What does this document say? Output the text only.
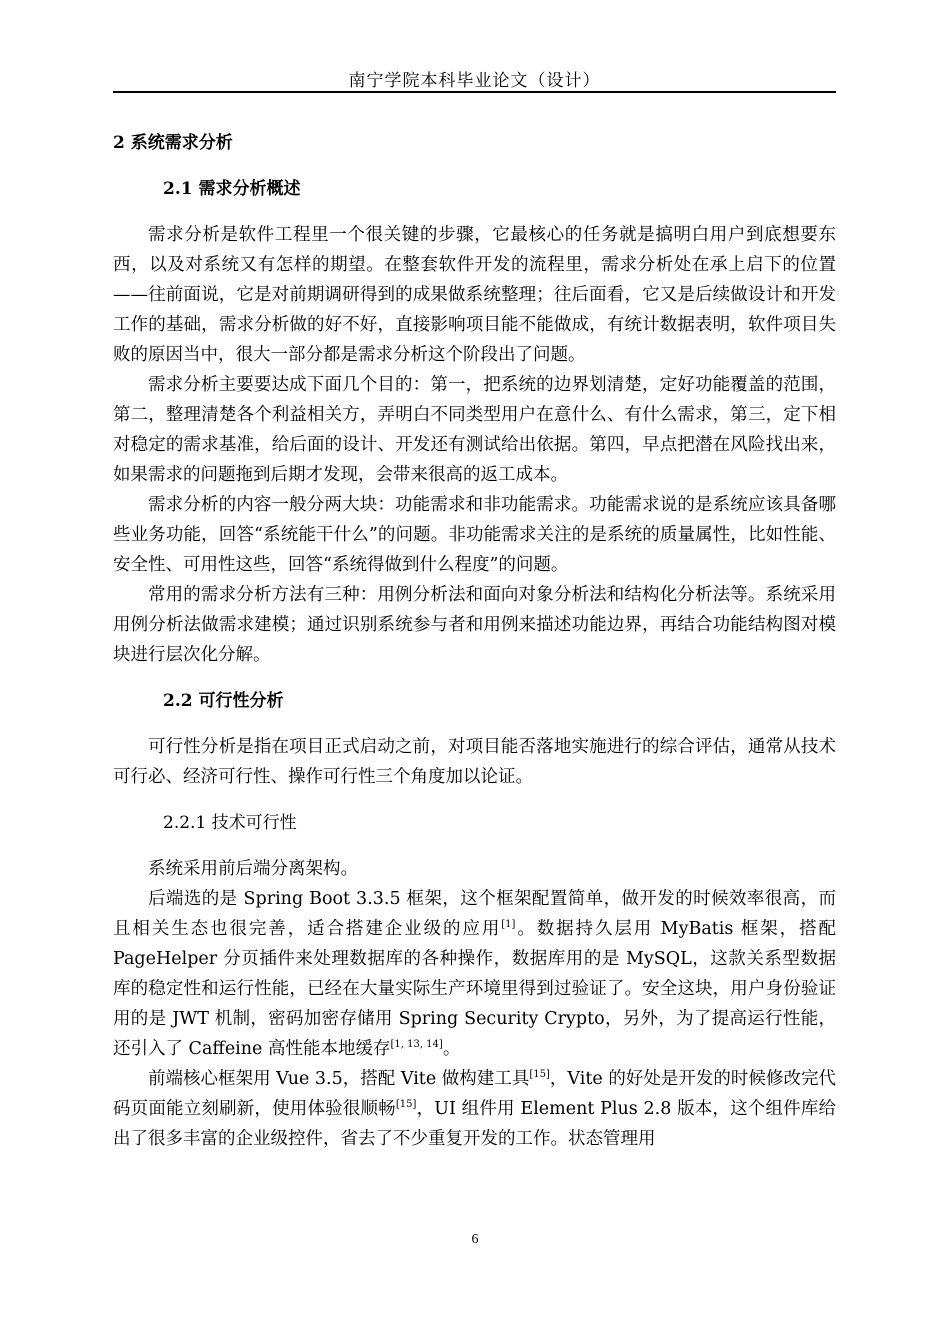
南宁学院本科毕业论文（设计）
2 系统需求分析
2.1 需求分析概述

需求分析是软件工程里一个很关键的步骤，它最核心的任务就是搞明白用户到底想要东西，以及对系统又有怎样的期望。在整套软件开发的流程里，需求分析处在承上启下的位置——往前面说，它是对前期调研得到的成果做系统整理；往后面看，它又是后续做设计和开发工作的基础，需求分析做的好不好，直接影响项目能不能做成，有统计数据表明，软件项目失败的原因当中，很大一部分都是需求分析这个阶段出了问题。

需求分析主要要达成下面几个目的：第一，把系统的边界划清楚，定好功能覆盖的范围，第二，整理清楚各个利益相关方，弄明白不同类型用户在意什么、有什么需求，第三，定下相对稳定的需求基准，给后面的设计、开发还有测试给出依据。第四，早点把潜在风险找出来，如果需求的问题拖到后期才发现，会带来很高的返工成本。

需求分析的内容一般分两大块：功能需求和非功能需求。功能需求说的是系统应该具备哪些业务功能，回答“系统能干什么”的问题。非功能需求关注的是系统的质量属性，比如性能、安全性、可用性这些，回答“系统得做到什么程度”的问题。

常用的需求分析方法有三种：用例分析法和面向对象分析法和结构化分析法等。系统采用用例分析法做需求建模；通过识别系统参与者和用例来描述功能边界，再结合功能结构图对模块进行层次化分解。

2.2 可行性分析

可行性分析是指在项目正式启动之前，对项目能否落地实施进行的综合评估，通常从技术可行必、经济可行性、操作可行性三个角度加以论证。

2.2.1 技术可行性

系统采用前后端分离架构。

后端选的是 Spring Boot 3.3.5 框架，这个框架配置简单，做开发的时候效率很高，而且相关生态也很完善，适合搭建企业级的应用[1]。数据持久层用 MyBatis 框架，搭配 PageHelper 分页插件来处理数据库的各种操作，数据库用的是 MySQL，这款关系型数据库的稳定性和运行性能，已经在大量实际生产环境里得到过验证了。安全这块，用户身份验证用的是 JWT 机制，密码加密存储用 Spring Security Crypto，另外，为了提高运行性能，还引入了 Caffeine 高性能本地缓存[1, 13, 14]。

前端核心框架用 Vue 3.5，搭配 Vite 做构建工具[15]，Vite 的好处是开发的时候修改完代码页面能立刻刷新，使用体验很顺畅[15]，UI 组件用 Element Plus 2.8 版本，这个组件库给出了很多丰富的企业级控件，省去了不少重复开发的工作。状态管理用

6
